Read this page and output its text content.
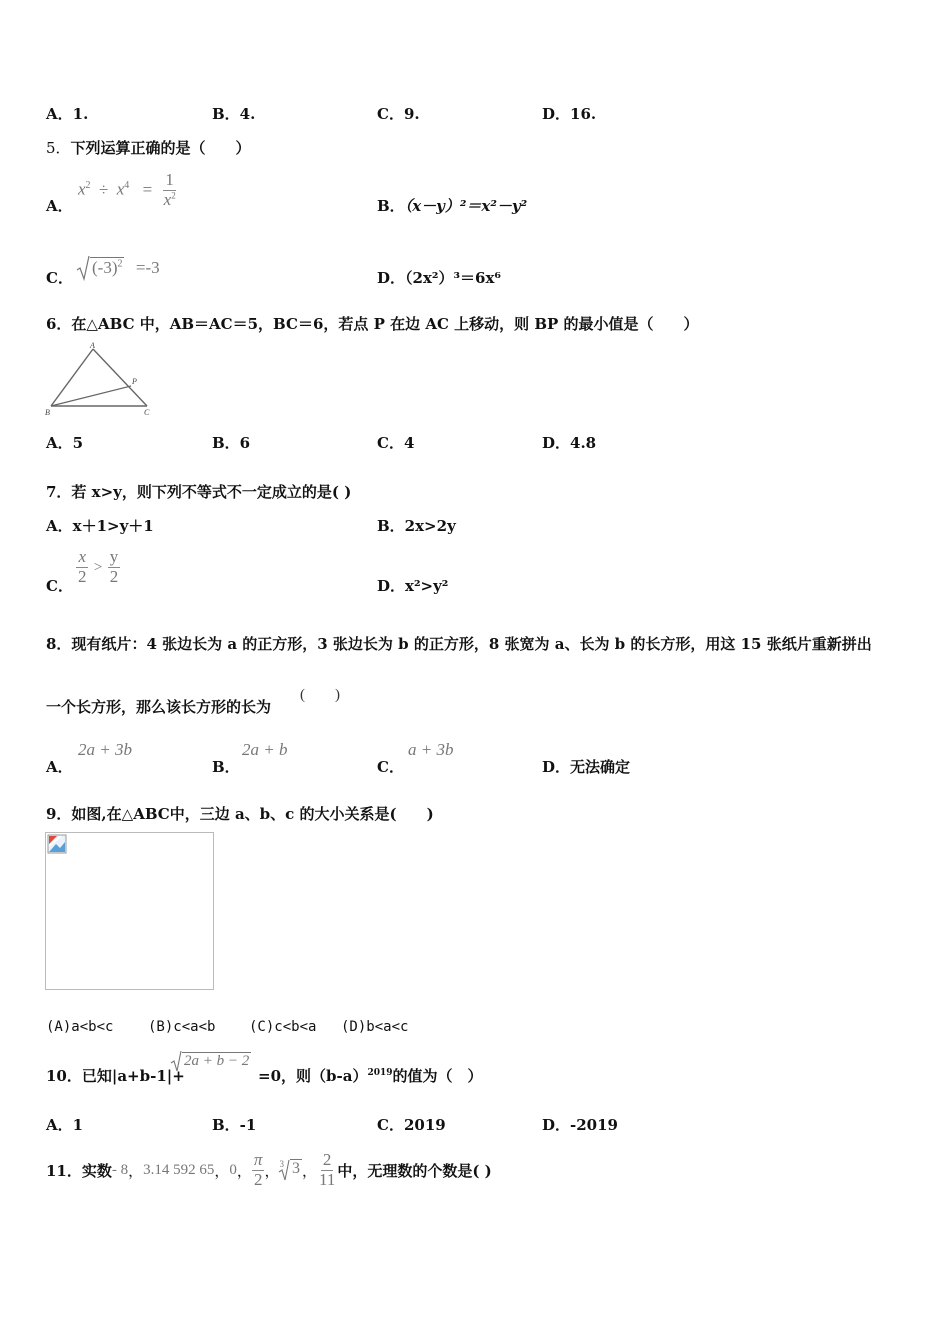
A．1.	B．4.	C．9.	D．16.
5．下列运算正确的是（　　）
A．
$x^2 \div x^4 = \frac{1}{x^2}$	B．（x－y）²＝x²－y²
C．
$(-3)^2 =-3$
D．（2x²）³＝6x⁶
6．在△ABC 中，AB＝AC＝5，BC＝6，若点 P 在边 AC 上移动，则 BP 的最小值是（　　）
A
P
B	C
A．5	B．6	C．4	D．4.8
7．若 x>y，则下列不等式不一定成立的是( )
A．x＋1>y＋1	B．2x>2y
C． $\frac{x}{2} > \frac{y}{2}$	D．x²>y²
8．现有纸片：4 张边长为 a 的正方形，3 张边长为 b 的正方形，8 张宽为 a、长为 b 的长方形，用这 15 张纸片重新拼出
一个长方形，那么该长方形的长为
(　　)
A．
2a + 3b
B．
2a + b
C．
a + 3b
D．无法确定
9．如图,在△ABC中，三边 a、b、c 的大小关系是(　　)
(A)a<b<c (B)c<a<b (C)c<b<a (D)b<a<c
10．已知|a+b-1|+
2a + b − 2
=0，则$(b-a)^{2019}$的值为（　）
A．1	B．-1	C．2019	D．-2019
11．实数 - 8 ， 3.14 592 65 ， 0 ， $\frac{\pi}{2}$ ， 3 3 ， $\frac{2}{11}$ 中，无理数的个数是( )
